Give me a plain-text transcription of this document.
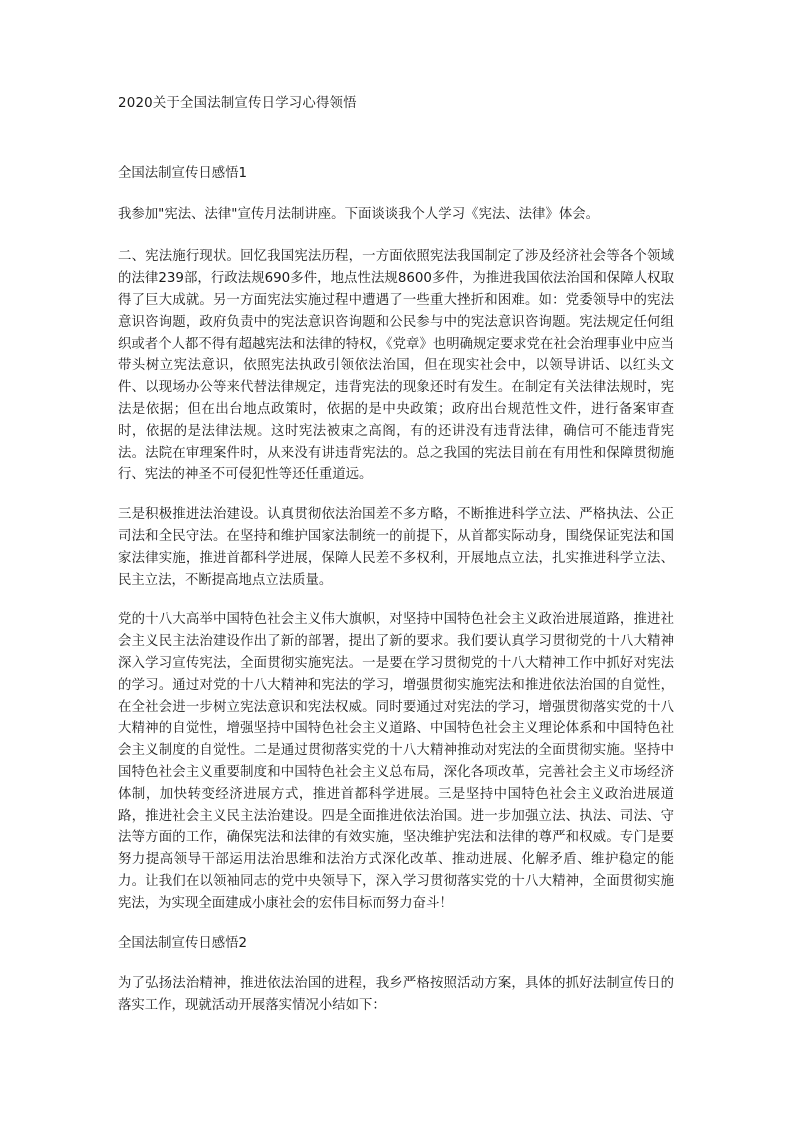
2020关于全国法制宣传日学习心得领悟

全国法制宣传日感悟1

我参加"宪法、法律"宣传月法制讲座。下面谈谈我个人学习《宪法、法律》体会。

二、宪法施行现状。回忆我国宪法历程，一方面依照宪法我国制定了涉及经济社会等各个领域的法律239部，行政法规690多件，地点性法规8600多件，为推进我国依法治国和保障人权取得了巨大成就。另一方面宪法实施过程中遭遇了一些重大挫折和困难。如：党委领导中的宪法意识咨询题，政府负责中的宪法意识咨询题和公民参与中的宪法意识咨询题。宪法规定任何组织或者个人都不得有超越宪法和法律的特权，《党章》也明确规定要求党在社会治理事业中应当带头树立宪法意识，依照宪法执政引领依法治国，但在现实社会中，以领导讲话、以红头文件、以现场办公等来代替法律规定，违背宪法的现象还时有发生。在制定有关法律法规时，宪法是依据；但在出台地点政策时，依据的是中央政策；政府出台规范性文件，进行备案审查时，依据的是法律法规。这时宪法被束之高阁，有的还讲没有违背法律，确信可不能违背宪法。法院在审理案件时，从来没有讲违背宪法的。总之我国的宪法目前在有用性和保障贯彻施行、宪法的神圣不可侵犯性等还任重道远。

三是积极推进法治建设。认真贯彻依法治国差不多方略，不断推进科学立法、严格执法、公正司法和全民守法。在坚持和维护国家法制统一的前提下，从首都实际动身，围绕保证宪法和国家法律实施，推进首都科学进展，保障人民差不多权利，开展地点立法，扎实推进科学立法、民主立法，不断提高地点立法质量。

党的十八大高举中国特色社会主义伟大旗帜，对坚持中国特色社会主义政治进展道路，推进社会主义民主法治建设作出了新的部署，提出了新的要求。我们要认真学习贯彻党的十八大精神 深入学习宣传宪法，全面贯彻实施宪法。一是要在学习贯彻党的十八大精神工作中抓好对宪法的学习。通过对党的十八大精神和宪法的学习，增强贯彻实施宪法和推进依法治国的自觉性，在全社会进一步树立宪法意识和宪法权威。同时要通过对宪法的学习，增强贯彻落实党的十八大精神的自觉性，增强坚持中国特色社会主义道路、中国特色社会主义理论体系和中国特色社会主义制度的自觉性。二是通过贯彻落实党的十八大精神推动对宪法的全面贯彻实施。坚持中国特色社会主义重要制度和中国特色社会主义总布局，深化各项改革，完善社会主义市场经济体制，加快转变经济进展方式，推进首都科学进展。三是坚持中国特色社会主义政治进展道路，推进社会主义民主法治建设。四是全面推进依法治国。进一步加强立法、执法、司法、守法等方面的工作，确保宪法和法律的有效实施，坚决维护宪法和法律的尊严和权威。专门是要努力提高领导干部运用法治思维和法治方式深化改革、推动进展、化解矛盾、维护稳定的能力。让我们在以领袖同志的党中央领导下，深入学习贯彻落实党的十八大精神，全面贯彻实施宪法，为实现全面建成小康社会的宏伟目标而努力奋斗！

全国法制宣传日感悟2

为了弘扬法治精神，推进依法治国的进程，我乡严格按照活动方案，具体的抓好法制宣传日的落实工作，现就活动开展落实情况小结如下：
